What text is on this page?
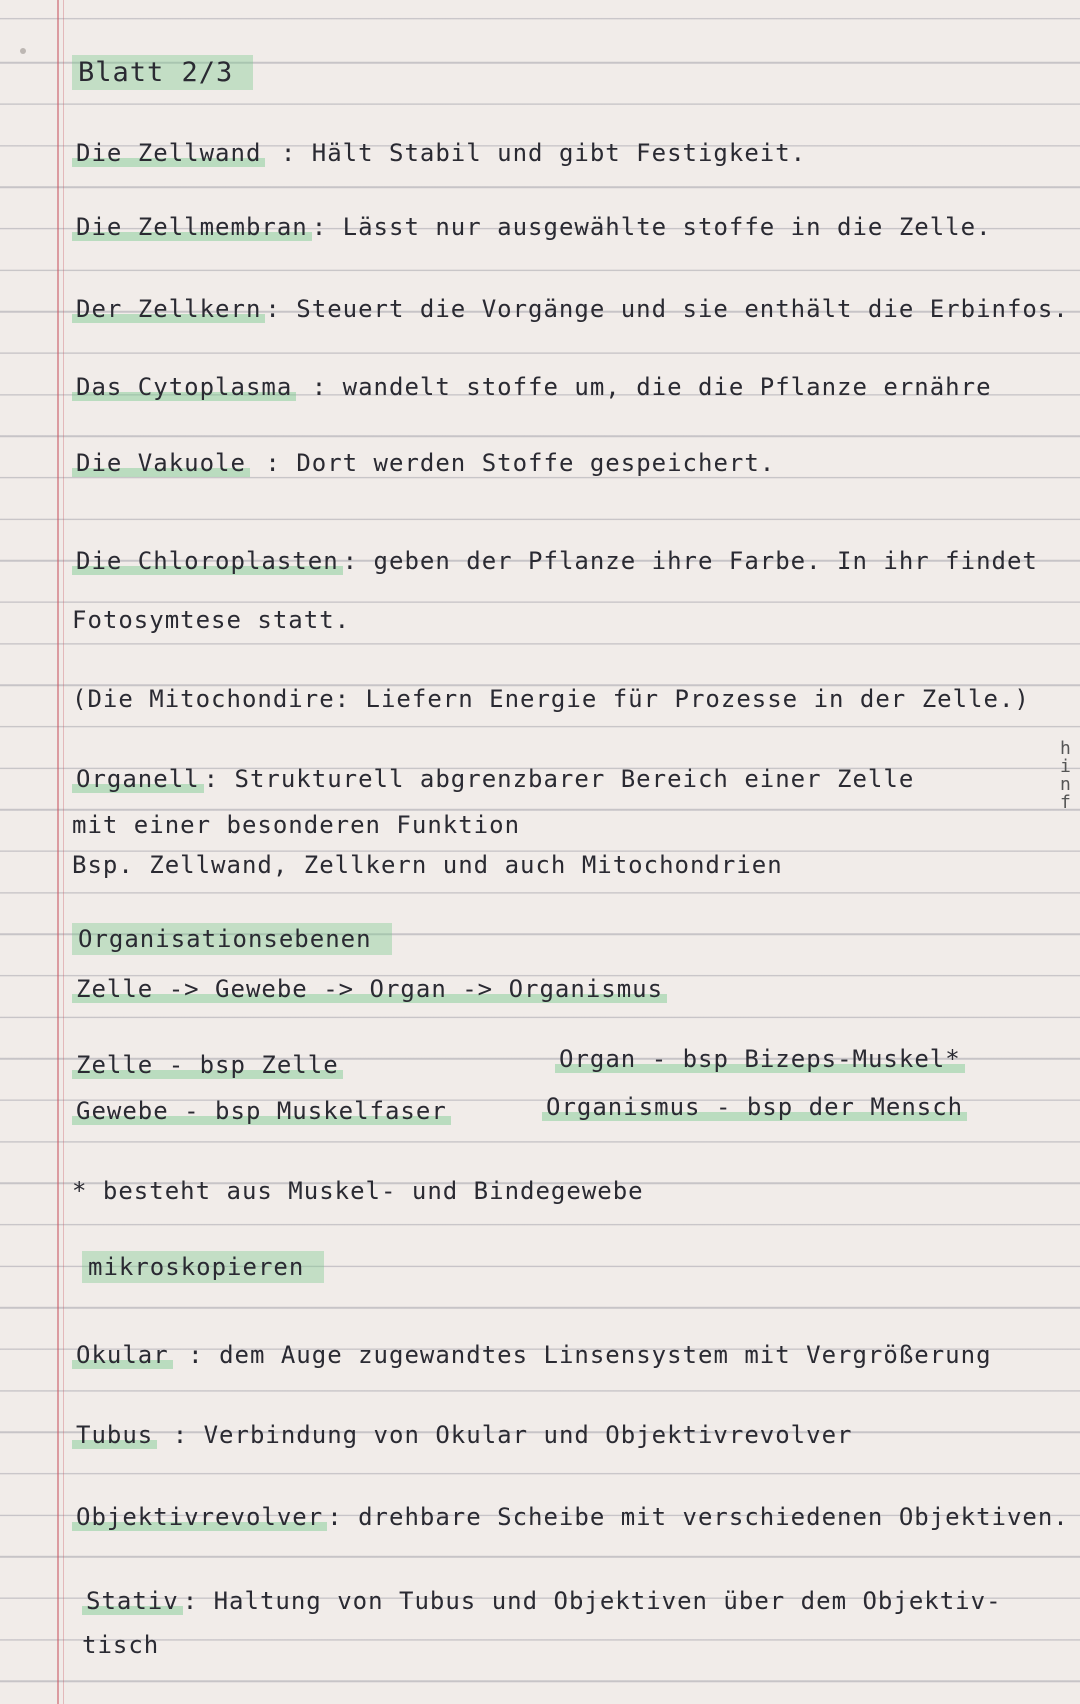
Blatt 2/3
Die Zellwand : Hält Stabil und gibt Festigkeit.
Die Zellmembran : Lässt nur ausgewählte stoffe in die Zelle.
Der Zellkern : Steuert die Vorgänge und sie enthält die Erbinfos.
Das Cytoplasma : wandelt stoffe um, die die Pflanze ernähre
Die Vakuole : Dort werden Stoffe gespeichert.
Die Chloroplasten : geben der Pflanze ihre Farbe. In ihr findet
Fotosymtese statt.
(Die Mitochondire: Liefern Energie für Prozesse in der Zelle.)
Organell : Strukturell abgrenzbarer Bereich einer Zelle
mit einer besonderen Funktion
Bsp. Zellwand, Zellkern und auch Mitochondrien
Organisationsebenen
Zelle -> Gewebe -> Organ -> Organismus
Zelle - bsp Zelle	Organ - bsp Bizeps-Muskel*
Gewebe - bsp Muskelfaser	Organismus - bsp der Mensch
* besteht aus Muskel- und Bindegewebe
mikroskopieren
Okular : dem Auge zugewandtes Linsensystem mit Vergrößerung
Tubus : Verbindung von Okular und Objektivrevolver
Objektivrevolver : drehbare Scheibe mit verschiedenen Objektiven.
Stativ : Haltung von Tubus und Objektiven über dem Objektiv-
tisch
h
i
n
f
